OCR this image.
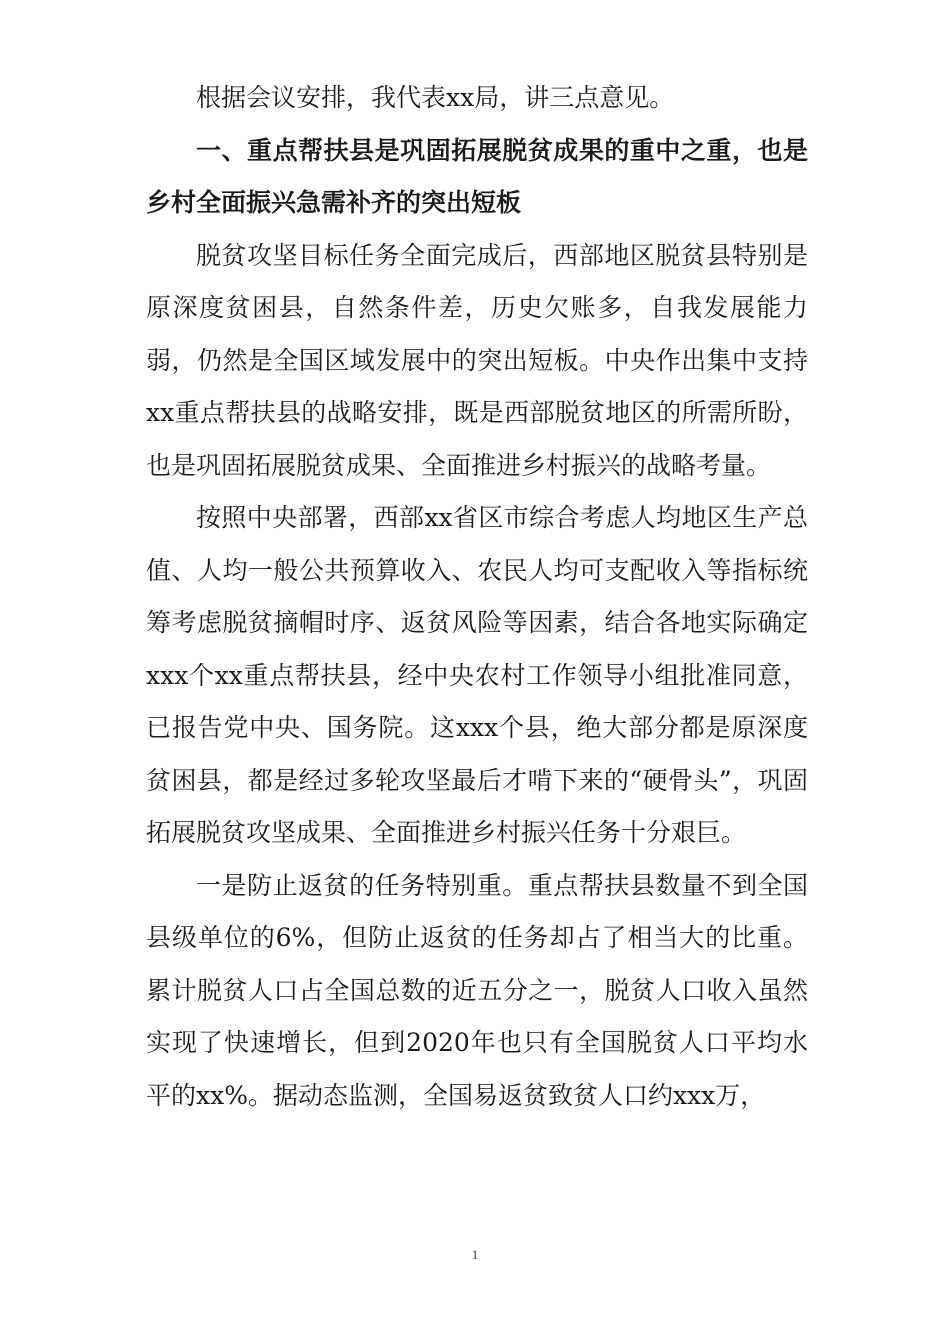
根据会议安排，我代表xx局，讲三点意见。

一、重点帮扶县是巩固拓展脱贫成果的重中之重，也是乡村全面振兴急需补齐的突出短板

脱贫攻坚目标任务全面完成后，西部地区脱贫县特别是原深度贫困县，自然条件差，历史欠账多，自我发展能力弱，仍然是全国区域发展中的突出短板。中央作出集中支持xx重点帮扶县的战略安排，既是西部脱贫地区的所需所盼，也是巩固拓展脱贫成果、全面推进乡村振兴的战略考量。

按照中央部署，西部xx省区市综合考虑人均地区生产总值、人均一般公共预算收入、农民人均可支配收入等指标统筹考虑脱贫摘帽时序、返贫风险等因素，结合各地实际确定xxx个xx重点帮扶县，经中央农村工作领导小组批准同意，已报告党中央、国务院。这xxx个县，绝大部分都是原深度贫困县，都是经过多轮攻坚最后才啃下来的“硬骨头”，巩固拓展脱贫攻坚成果、全面推进乡村振兴任务十分艰巨。

一是防止返贫的任务特别重。重点帮扶县数量不到全国县级单位的6%，但防止返贫的任务却占了相当大的比重。累计脱贫人口占全国总数的近五分之一，脱贫人口收入虽然实现了快速增长，但到2020年也只有全国脱贫人口平均水平的xx%。据动态监测，全国易返贫致贫人口约xxx万，

1
